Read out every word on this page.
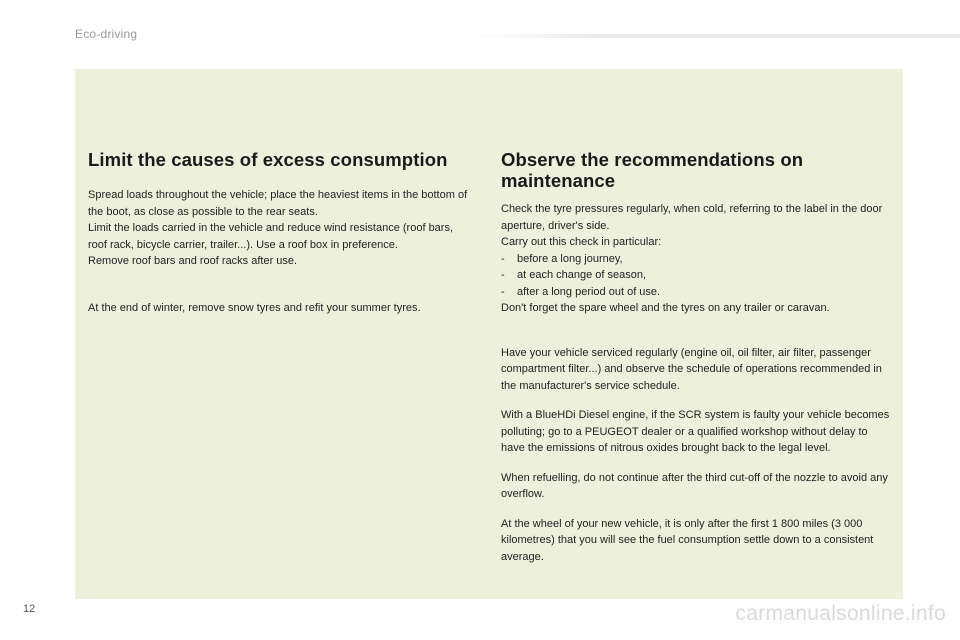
Eco-driving
Limit the causes of excess consumption

Spread loads throughout the vehicle; place the heaviest items in the bottom of the boot, as close as possible to the rear seats.

Limit the loads carried in the vehicle and reduce wind resistance (roof bars, roof rack, bicycle carrier, trailer...). Use a roof box in preference.

Remove roof bars and roof racks after use.

At the end of winter, remove snow tyres and refit your summer tyres.

Observe the recommendations on maintenance

Check the tyre pressures regularly, when cold, referring to the label in the door aperture, driver's side.

Carry out this check in particular:

- before a long journey,
- at each change of season,
- after a long period out of use.

Don't forget the spare wheel and the tyres on any trailer or caravan.

Have your vehicle serviced regularly (engine oil, oil filter, air filter, passenger compartment filter...) and observe the schedule of operations recommended in the manufacturer's service schedule.

With a BlueHDi Diesel engine, if the SCR system is faulty your vehicle becomes polluting; go to a PEUGEOT dealer or a qualified workshop without delay to have the emissions of nitrous oxides brought back to the legal level.

When refuelling, do not continue after the third cut-off of the nozzle to avoid any overflow.

At the wheel of your new vehicle, it is only after the first 1 800 miles (3 000 kilometres) that you will see the fuel consumption settle down to a consistent average.

12	carmanualsonline.info
